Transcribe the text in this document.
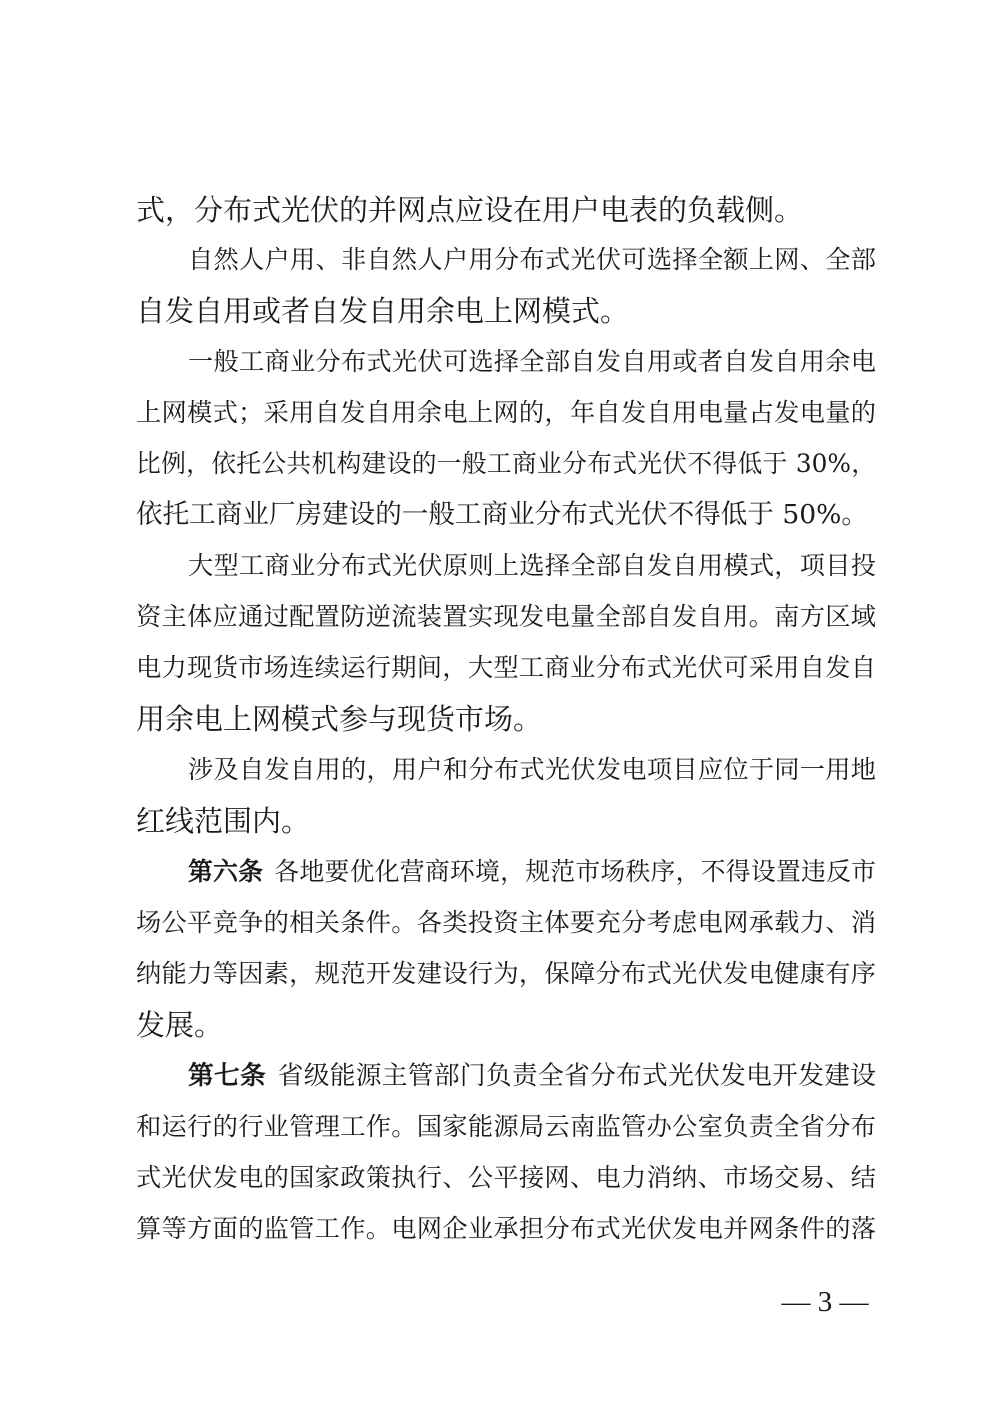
式，分布式光伏的并网点应设在用户电表的负载侧。
自然人户用、非自然人户用分布式光伏可选择全额上网、全部
自发自用或者自发自用余电上网模式。
一般工商业分布式光伏可选择全部自发自用或者自发自用余电
上网模式；采用自发自用余电上网的，年自发自用电量占发电量的
比例，依托公共机构建设的一般工商业分布式光伏不得低于 30%，
依托工商业厂房建设的一般工商业分布式光伏不得低于 50%。
大型工商业分布式光伏原则上选择全部自发自用模式，项目投
资主体应通过配置防逆流装置实现发电量全部自发自用。南方区域
电力现货市场连续运行期间，大型工商业分布式光伏可采用自发自
用余电上网模式参与现货市场。
涉及自发自用的，用户和分布式光伏发电项目应位于同一用地
红线范围内。
第六条 各地要优化营商环境，规范市场秩序，不得设置违反市
场公平竞争的相关条件。各类投资主体要充分考虑电网承载力、消
纳能力等因素，规范开发建设行为，保障分布式光伏发电健康有序
发展。
第七条 省级能源主管部门负责全省分布式光伏发电开发建设
和运行的行业管理工作。国家能源局云南监管办公室负责全省分布
式光伏发电的国家政策执行、公平接网、电力消纳、市场交易、结
算等方面的监管工作。电网企业承担分布式光伏发电并网条件的落
— 3 —
